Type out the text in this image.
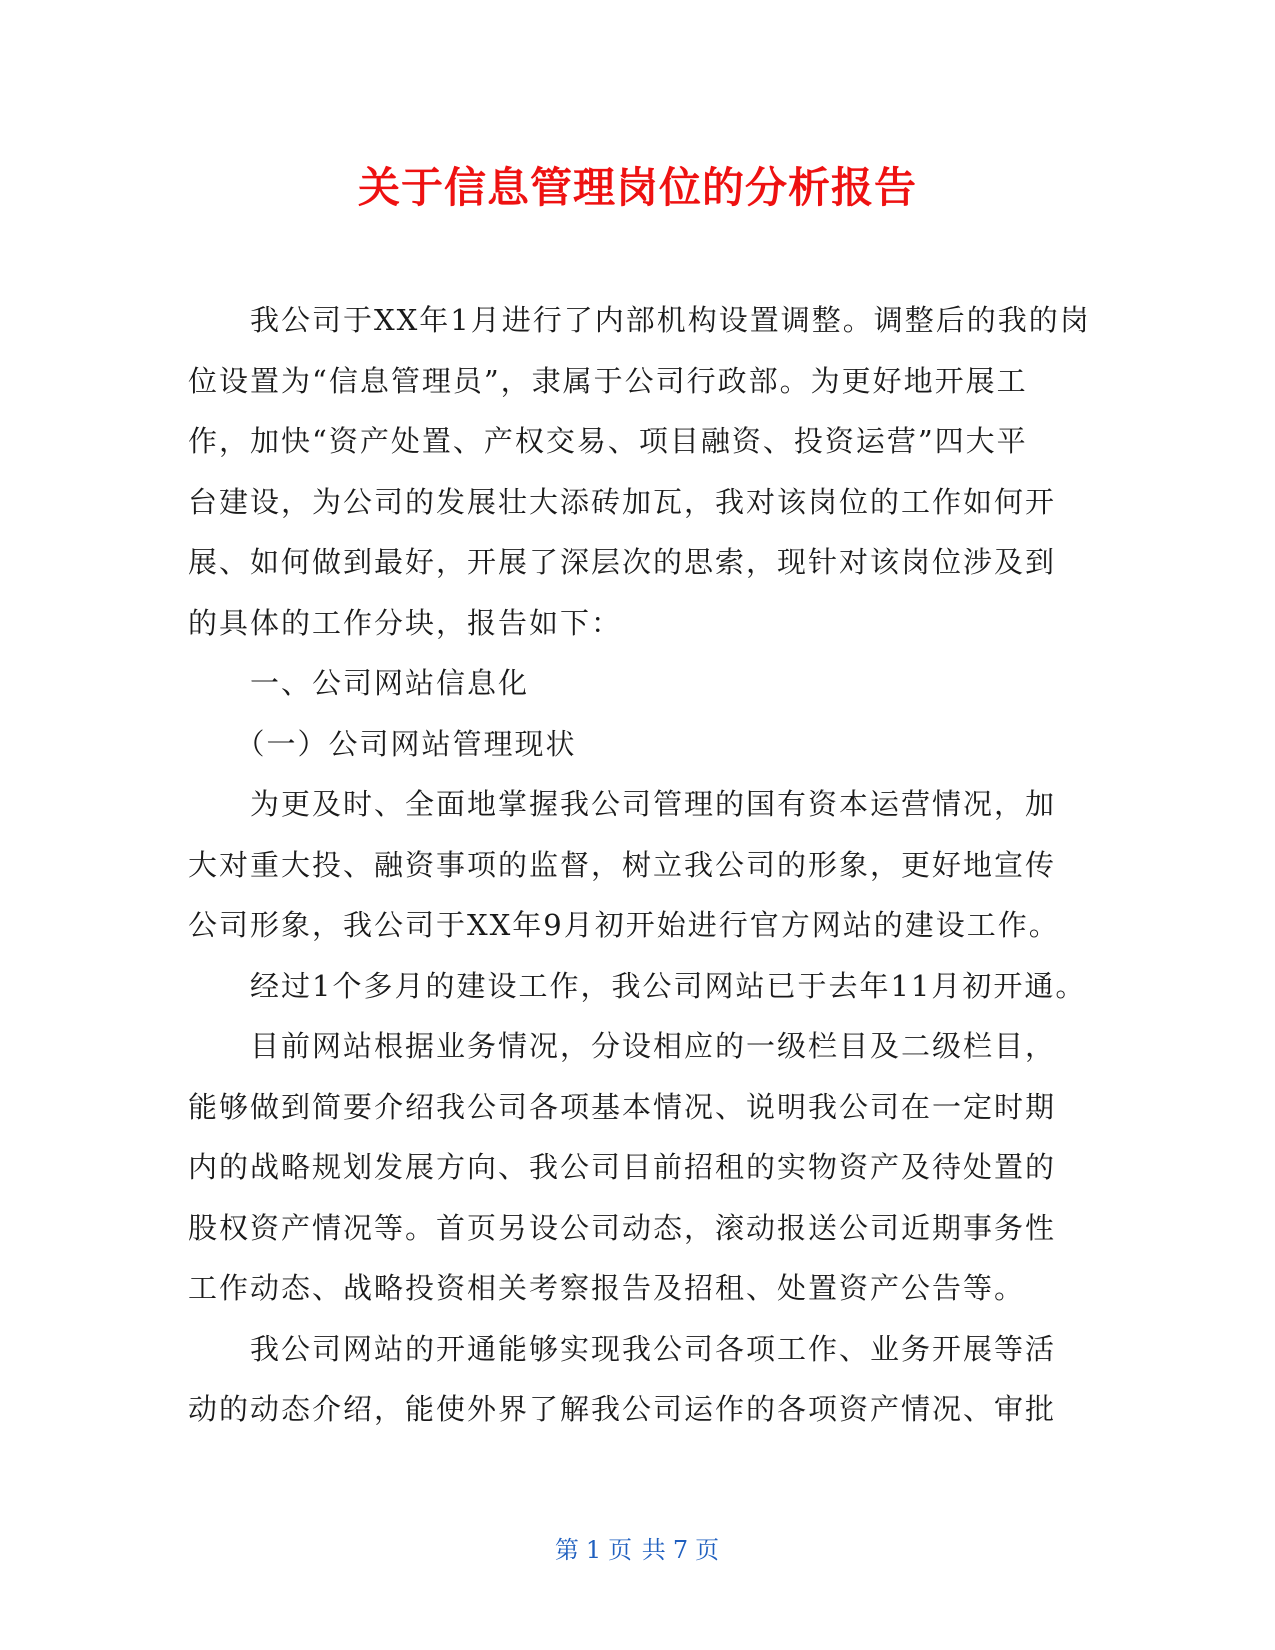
关于信息管理岗位的分析报告
　　我公司于XX年1月进行了内部机构设置调整。调整后的我的岗
位设置为“信息管理员”，隶属于公司行政部。为更好地开展工
作，加快“资产处置、产权交易、项目融资、投资运营”四大平
台建设，为公司的发展壮大添砖加瓦，我对该岗位的工作如何开
展、如何做到最好，开展了深层次的思索，现针对该岗位涉及到
的具体的工作分块，报告如下：
　　一、公司网站信息化
　　（一）公司网站管理现状
　　为更及时、全面地掌握我公司管理的国有资本运营情况，加
大对重大投、融资事项的监督，树立我公司的形象，更好地宣传
公司形象，我公司于XX年9月初开始进行官方网站的建设工作。
　　经过1个多月的建设工作，我公司网站已于去年11月初开通。
　　目前网站根据业务情况，分设相应的一级栏目及二级栏目，
能够做到简要介绍我公司各项基本情况、说明我公司在一定时期
内的战略规划发展方向、我公司目前招租的实物资产及待处置的
股权资产情况等。首页另设公司动态，滚动报送公司近期事务性
工作动态、战略投资相关考察报告及招租、处置资产公告等。
　　我公司网站的开通能够实现我公司各项工作、业务开展等活
动的动态介绍，能使外界了解我公司运作的各项资产情况、审批
第 1 页 共 7 页
